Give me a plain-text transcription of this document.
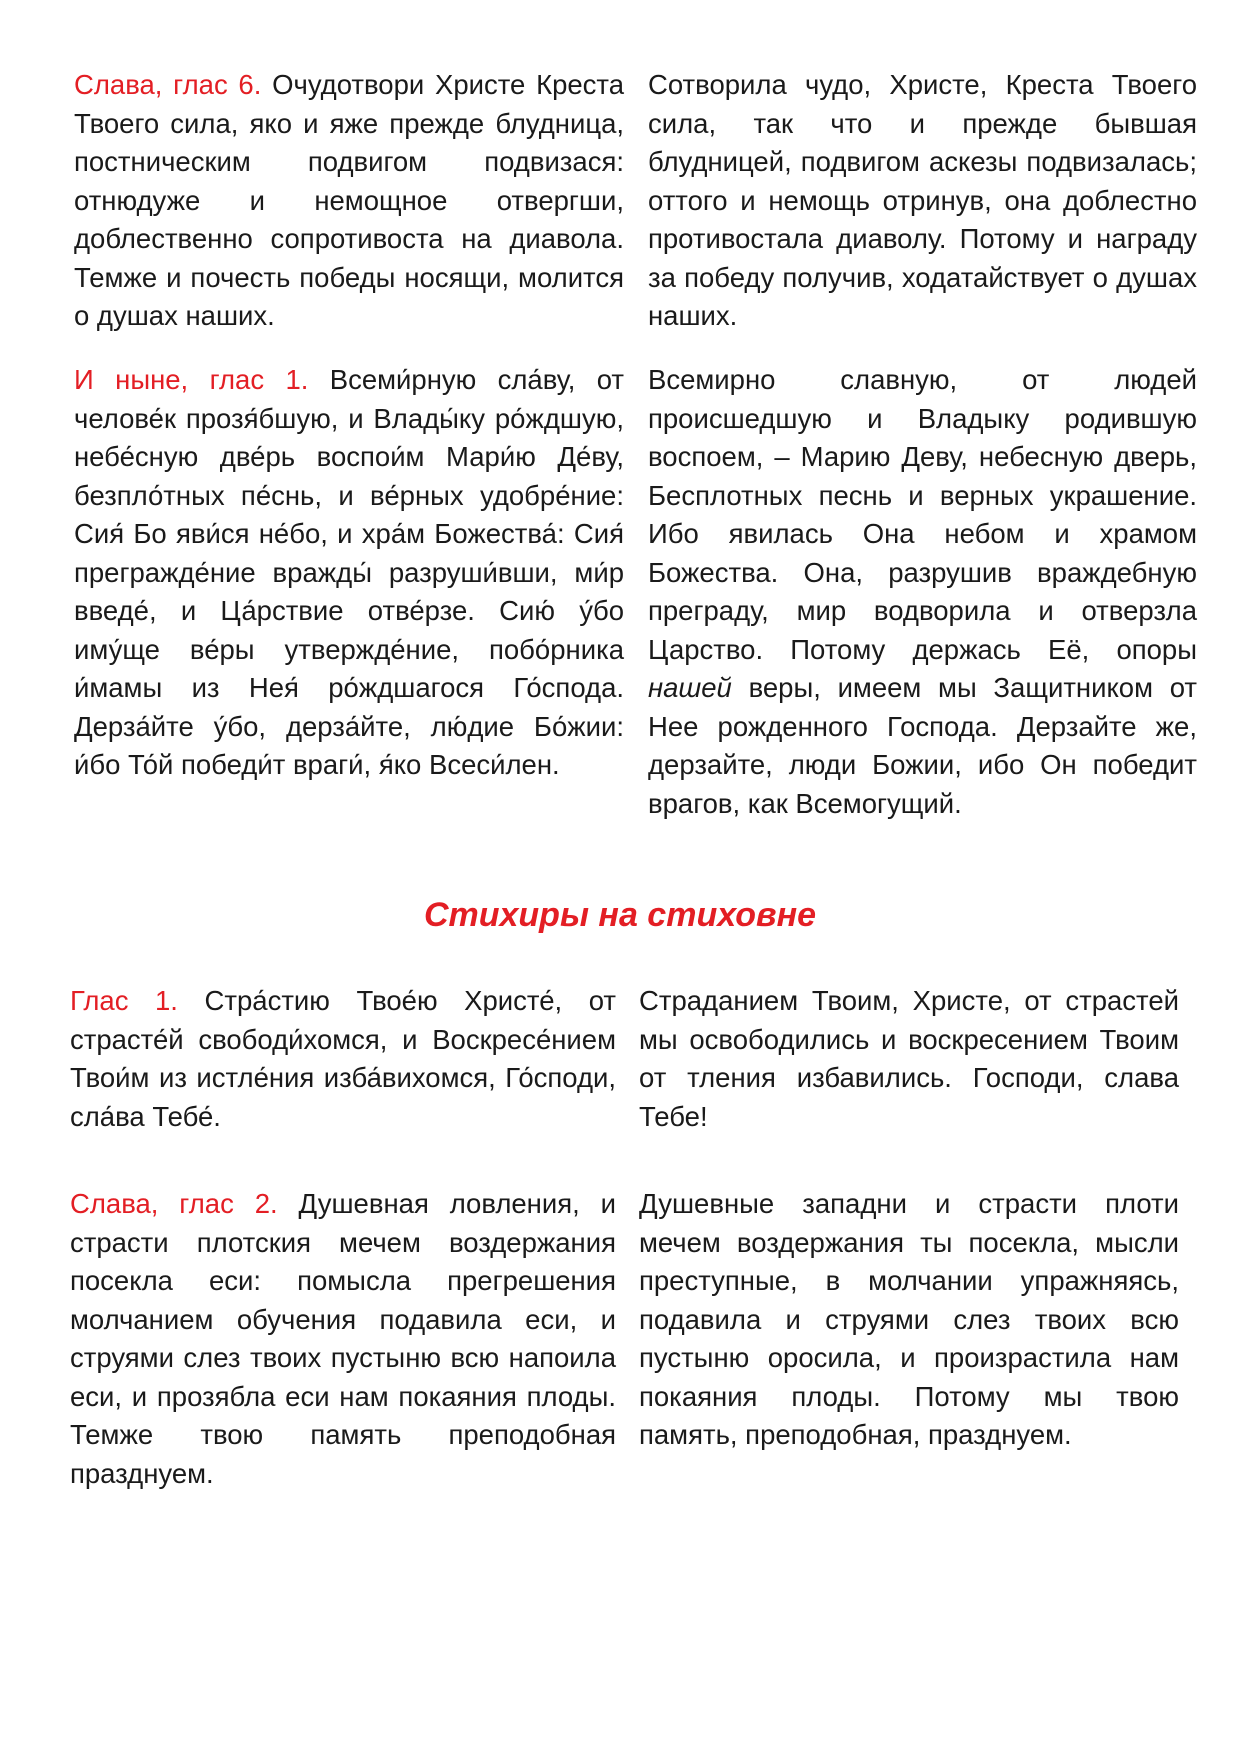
Слава, глас 6. Очудотвори Христе Креста Твоего сила, яко и яже прежде блудница, постническим подвигом подвизася: отнюдуже и немощное отвергши, доблественно сопротивоста на диавола. Темже и почесть победы носящи, молится о душах наших.

Сотворила чудо, Христе, Креста Твоего сила, так что и прежде бывшая блудницей, подвигом аскезы подвизалась; оттого и немощь отринув, она доблестно противостала диаволу. Потому и награду за победу получив, ходатайствует о душах наших.

И ныне, глас 1. Всеми́рную сла́ву, от челове́к прозя́бшую, и Влады́ку ро́ждшую, небе́сную две́рь воспои́м Мари́ю Де́ву, безпло́тных пе́снь, и ве́рных удобре́ние: Сия́ Бо яви́ся не́бо, и хра́м Божества́: Сия́ прегражде́ние вражды́ разруши́вши, ми́р введе́, и Ца́рствие отве́рзе. Сию́ у́бо иму́ще ве́ры утвержде́ние, побо́рника и́мамы из Нея́ ро́ждшагося Го́спода. Дерза́йте у́бо, дерза́йте, лю́дие Бо́жии: и́бо То́й победи́т враги́, я́ко Всеси́лен.

Всемирно славную, от людей происшедшую и Владыку родившую воспоем, – Марию Деву, небесную дверь, Бесплотных песнь и верных украшение. Ибо явилась Она небом и храмом Божества. Она, разрушив враждебную преграду, мир водворила и отверзла Царство. Потому держась Её, опоры нашей веры, имеем мы Защитником от Нее рожденного Господа. Дерзайте же, дерзайте, люди Божии, ибо Он победит врагов, как Всемогущий.

Стихиры на стиховне

Глас 1. Стра́стию Твое́ю Христе́, от страсте́й свободи́хомся, и Воскресе́нием Твои́м из истле́ния изба́вихомся, Го́споди, сла́ва Тебе́.

Страданием Твоим, Христе, от страстей мы освободились и воскресением Твоим от тления избавились. Господи, слава Тебе!

Слава, глас 2. Душевная ловления, и страсти плотския мечем воздержания посекла еси: помысла прегрешения молчанием обучения подавила еси, и струями слез твоих пустыню всю напоила еси, и прозябла еси нам покаяния плоды. Темже твою память преподобная празднуем.

Душевные западни и страсти плоти мечем воздержания ты посекла, мысли преступные, в молчании упражняясь, подавила и струями слез твоих всю пустыню оросила, и произрастила нам покаяния плоды. Потому мы твою память, преподобная, празднуем.
